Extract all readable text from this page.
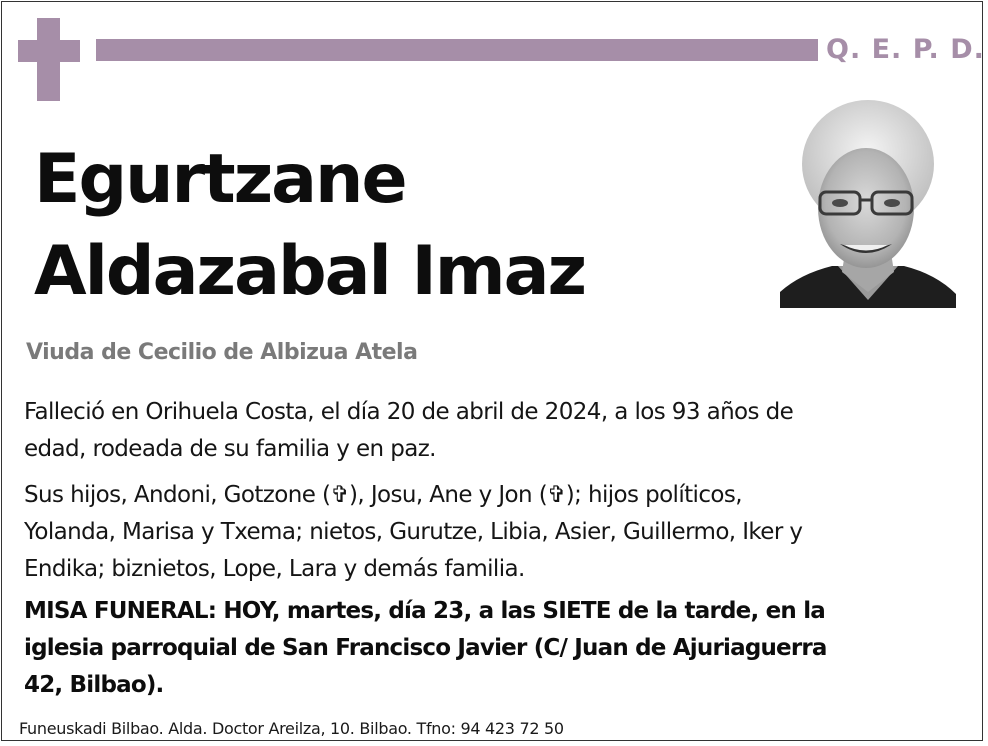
Q. E. P. D.
Egurtzane
Aldazabal Imaz
Viuda de Cecilio de Albizua Atela
Falleció en Orihuela Costa, el día 20 de abril de 2024, a los 93 años de
edad, rodeada de su familia y en paz.
Sus hijos, Andoni, Gotzone (✞), Josu, Ane y Jon (✞); hijos políticos,
Yolanda, Marisa y Txema; nietos, Gurutze, Libia, Asier, Guillermo, Iker y
Endika; biznietos, Lope, Lara y demás familia.
MISA FUNERAL: HOY, martes, día 23, a las SIETE de la tarde, en la
iglesia parroquial de San Francisco Javier (C/ Juan de Ajuriaguerra
42, Bilbao).
Funeuskadi Bilbao. Alda. Doctor Areilza, 10. Bilbao. Tfno: 94 423 72 50
